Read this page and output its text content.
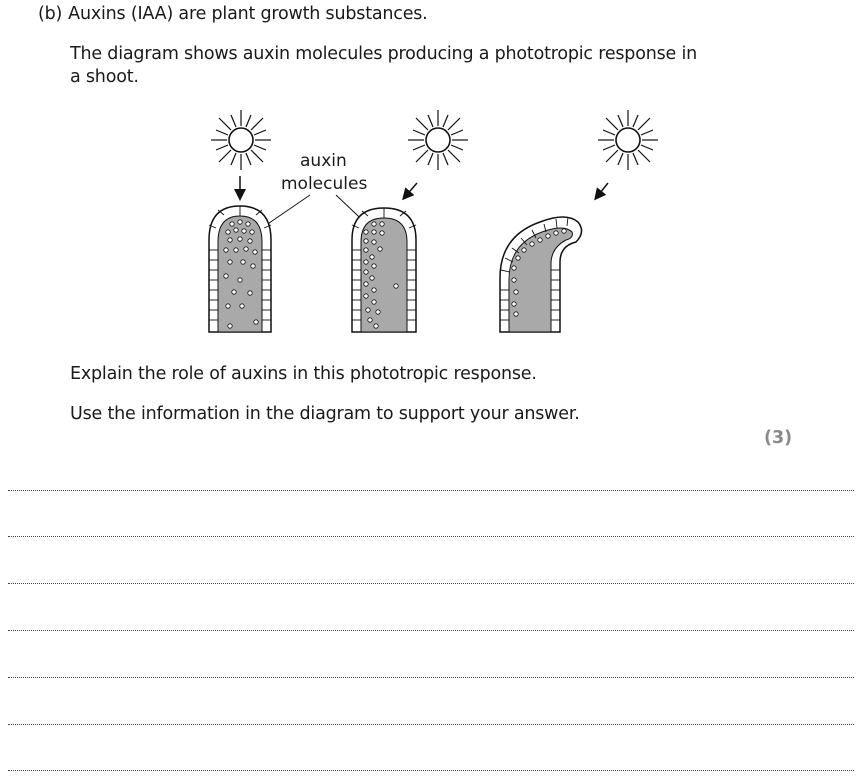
(b) Auxins (IAA) are plant growth substances.
The diagram shows auxin molecules producing a phototropic response in a shoot.
auxin molecules
Explain the role of auxins in this phototropic response.
Use the information in the diagram to support your answer.
(3)
